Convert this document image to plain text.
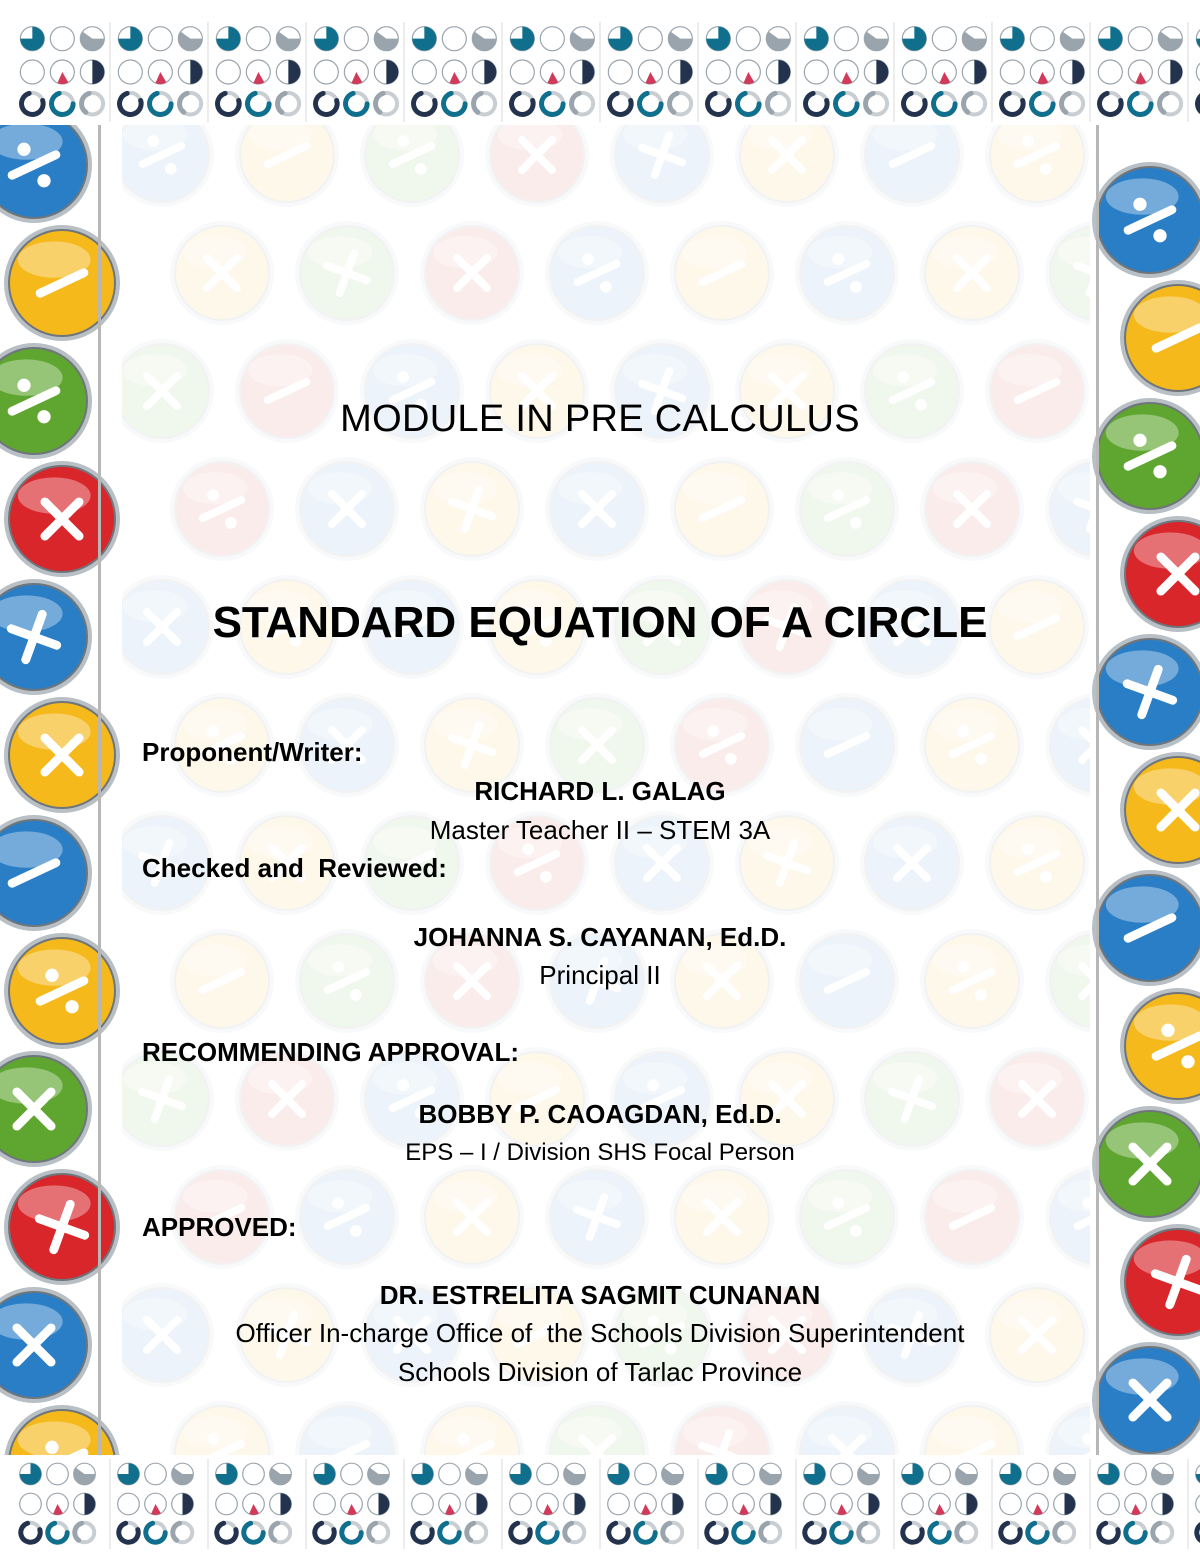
MODULE IN PRE CALCULUS
STANDARD EQUATION OF A CIRCLE
Proponent/Writer:
RICHARD L. GALAG
Master Teacher II – STEM 3A
Checked and  Reviewed:
JOHANNA S. CAYANAN, Ed.D.
Principal II
RECOMMENDING APPROVAL:
BOBBY P. CAOAGDAN, Ed.D.
EPS – I / Division SHS Focal Person
APPROVED:
DR. ESTRELITA SAGMIT CUNANAN
Officer In-charge Office of  the Schools Division Superintendent
Schools Division of Tarlac Province
